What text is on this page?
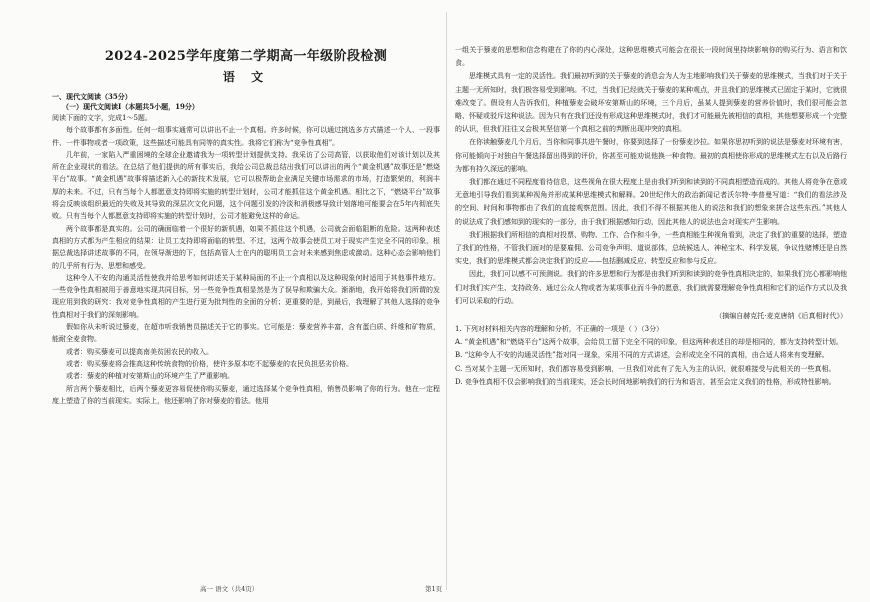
2024-2025学年度第二学期高一年级阶段检测
语 文

一、现代文阅读（35分）

（一）现代文阅读Ⅰ（本题共5小题，19分）

阅读下面的文字，完成1～5题。

每个故事都有多面性。任何一组事实通常可以讲出不止一个真相。许多时候，你可以通过挑选多方式描述一个人、一段事件、一件事物或者一项政策，这些描述可能具有同等的真实性。我将它们称为“竞争性真相”。

几年前，一家陷入严重困境的全球企业邀请我为一项转型计划提供支持。我采访了公司高管，以获取他们对该计划以及其所在企业现状的看法。在总结了他们提供的所有事实后，我给公司总裁总结出我们可以讲出的两个“黄金机遇”故事还是“燃烧平台”故事。“黄金机遇”故事将描述新入心的新技术发展，它可以极帮助企业满足关键市场需求的市场，打造繁荣的，利润丰厚的未来。不过，只有当每个人都愿意支持即将实施的转型计划时，公司才能抓住这个黄金机遇。相比之下，“燃烧平台”故事将会反映该组织最近的失败及其导致的深层次文化问题，这个问题引发的冷淡和消极感导致计划落地可能要会在5年内彻底失败。只有当每个人都愿意支持即将实施的转型计划时，公司才能避免这样的命运。

两个故事都是真实的。公司的确面临着一个很好的新机遇，如果不抓住这个机遇，公司就会面临阻断的危险。这两种表述真相的方式都为产生相应的结果：让员工支持即将面临的转型。不过，这两个故事会使员工对于现实产生完全不同的印象，根据总裁选择讲述故事的不同，在领导渐进的下，包括高管人士在内的聪明员工会对未来感到焦虑或激动。这种心态会影响他们的几乎所有行为、思想和感受。

这种令人不安的沟通灵活性使我并给思考如何讲述关于某种局面的不止一个真相以及这种现象何时适用于其他事件地方。一些竞争性真相被用于善意地实现共同目标，另一些竞争性真相显然是为了误导和欺骗大众。渐渐地，我开始将我们所谓的发现应用到我的研究：我对竞争性真相的产生进行更为批判性的全面的分析；更重要的是，到最后，我理解了其他人选择的竞争性真相对于我们的深刻影响。

假如你从未听说过藜麦，在超市听我销售员描述关于它的事实。它可能是：藜麦营养丰富，含有蛋白质、纤维和矿物质，能耐全麦食物。

或者：购买藜麦可以提高南美贫困农民的收入。

或者：购买藜麦将会推高这种传统食物的价格，使许多原本吃不起藜麦的农民负担恶劣价格。

或者：藜麦的种植对安第斯山的环境产生了严重影响。

所言两个藜麦相比，后两个藜麦更容易促使你购买藜麦，通过选择某个竞争性真相，销售员影响了你的行为。他在一定程度上塑造了你的当前现实。实际上，他还影响了你对藜麦的看法。他用

一组关于藜麦的思想和信念构建在了你的内心深处，这种思维模式可能会在很长一段时间里持续影响你的购买行为、语言和饮食。

思维模式具有一定的灵活性。我们最初听到的关于藜麦的消息会为人为主地影响我们关于藜麦的思维模式，当我们对于关于主题一无所知时，我们极容易受到影响。不过，当我们已经就关于藜麦的某种观点，并且我们的思维模式已固定于某时，它就很难改变了。假设有人告诉我们，种植藜麦会破坏安第斯山的环境，三个月后，虽某人提到藜麦的营养价值时，我们很可能会忽略、怀疑或驳斥这种说法。因为只有在我们还没有形成这种思维模式时，我们才可能最先被相信的真相，其他想要形成一个完整的认识，但我们往往又会极其坚信第一个真相之前的判断出现冲突的真相。

在你读触藜麦几个月后，当你和同事共进午餐时，你要到选择了一份藜麦沙拉。如果你思初听到的说法是藜麦对环境有害，你可能倾向于对独自午餐选择留出得到的评价，你甚至可能劝说他换一种食物。最初的真相使你形成的思维模式左右以及后路行为都有持久深远的影响。

我们都在通过不同程度看待信息，这些视角在很大程度上是由我们听到和读到的不同真相塑造而成的。其他人将竞争在意或无意地引导我们看到某种视角并形成某种思维模式和解释。20世纪伟大的政治新闻记者沃尔特·李普曼写道：“我们的看法涉及的空间、时间和事物都由了我们的直接观察范围。因此，我们不得不根据其他人的说法和我们的想象来拼合这些东西。”其他人的说法成了我们感知到的现实的一部分，由于我们根据感知行动，因此其他人的说法也会对现实产生影响。

我们根据我们所相信的真相对投票、购物、工作、合作和斗争，一些真相能生种视角看到，决定了我们的重要的选择，塑造了我们的性格，不管我们面对的是要雇佣、公司竞争声明、道说部体，总统候选人、神秘宝木、科学发展，争议性赌博还是自然实史，我们的思维模式都会决定我们的反应——包括删减反应、转型反应和参与反应。

因此，我们可以感不可预测说。我们的许多思想和行为都是由我们听到和读到的竞争性真相决定的，如果我们完心都影响他们对我们实产生、支持政务、通过公众人物或者为某项事业而斗争的愿意，我们就需要理解竞争性真相和它们的运作方式以及我们可以采取的行动。

（摘编自赫克托·麦克唐纳《后真相时代》）

1. 下列对材料相关内容的理解和分析，不正确的一项是（ ）（3分）

A. “黄金机遇”和“燃烧平台”这两个故事，会给员工留下完全不同的印象，但这两种表述目的却是相同的，都为支持转型计划。

B. “这种令人不安的沟通灵活性”指对同一现象，采用不同的方式讲述，会形成完全不同的真相，由合适人将来有变理解。

C. 当对某个主题一无所知时，我们都容易受到影响，一旦我们对此有了先入为主的认识，就很难接受与此相关的一些真相。

D. 竞争性真相不仅会影响我们的当前现实，还会长时间地影响我们的行为和语言，甚至会定义我们的性格，形成特性影响。

高一 语文（共4页）	第1页
